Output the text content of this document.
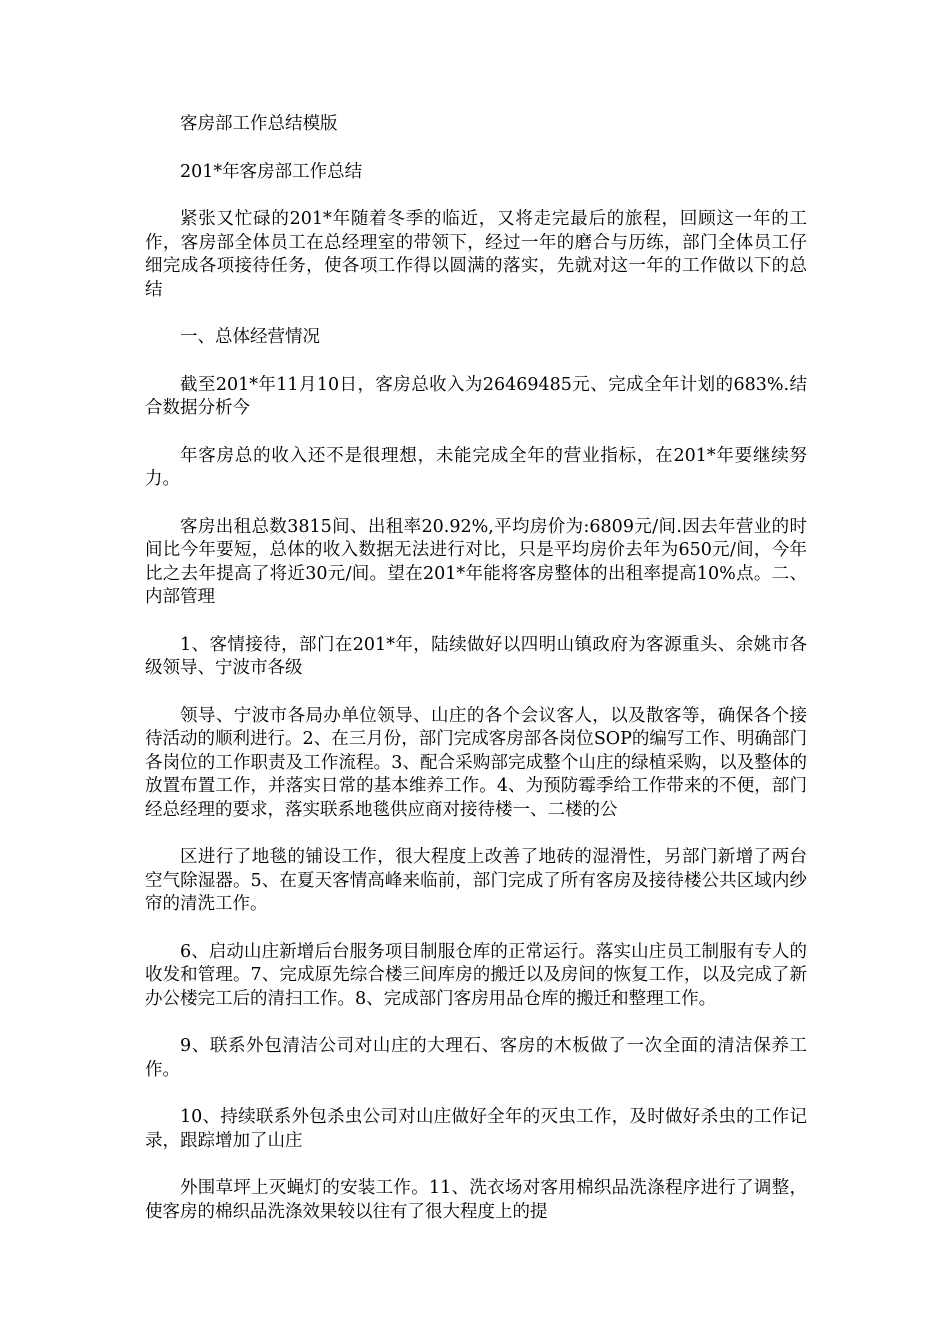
客房部工作总结模版

201*年客房部工作总结

紧张又忙碌的201*年随着冬季的临近，又将走完最后的旅程，回顾这一年的工作，客房部全体员工在总经理室的带领下，经过一年的磨合与历练，部门全体员工仔细完成各项接待任务，使各项工作得以圆满的落实，先就对这一年的工作做以下的总结

一、总体经营情况

截至201*年11月10日，客房总收入为26469485元、完成全年计划的683%.结合数据分析今

年客房总的收入还不是很理想，未能完成全年的营业指标，在201*年要继续努力。

客房出租总数3815间、出租率20.92%,平均房价为:6809元/间.因去年营业的时间比今年要短，总体的收入数据无法进行对比，只是平均房价去年为650元/间，今年比之去年提高了将近30元/间。望在201*年能将客房整体的出租率提高10%点。二、内部管理

1、客情接待，部门在201*年，陆续做好以四明山镇政府为客源重头、余姚市各级领导、宁波市各级

领导、宁波市各局办单位领导、山庄的各个会议客人，以及散客等，确保各个接待活动的顺利进行。2、在三月份，部门完成客房部各岗位SOP的编写工作、明确部门各岗位的工作职责及工作流程。3、配合采购部完成整个山庄的绿植采购，以及整体的放置布置工作，并落实日常的基本维养工作。4、为预防霉季给工作带来的不便，部门经总经理的要求，落实联系地毯供应商对接待楼一、二楼的公

区进行了地毯的铺设工作，很大程度上改善了地砖的湿滑性，另部门新增了两台空气除湿器。5、在夏天客情高峰来临前，部门完成了所有客房及接待楼公共区域内纱帘的清洗工作。

6、启动山庄新增后台服务项目制服仓库的正常运行。落实山庄员工制服有专人的收发和管理。7、完成原先综合楼三间库房的搬迁以及房间的恢复工作，以及完成了新办公楼完工后的清扫工作。8、完成部门客房用品仓库的搬迁和整理工作。

9、联系外包清洁公司对山庄的大理石、客房的木板做了一次全面的清洁保养工作。

10、持续联系外包杀虫公司对山庄做好全年的灭虫工作，及时做好杀虫的工作记录，跟踪增加了山庄

外围草坪上灭蝇灯的安装工作。11、洗衣场对客用棉织品洗涤程序进行了调整，使客房的棉织品洗涤效果较以往有了很大程度上的提
